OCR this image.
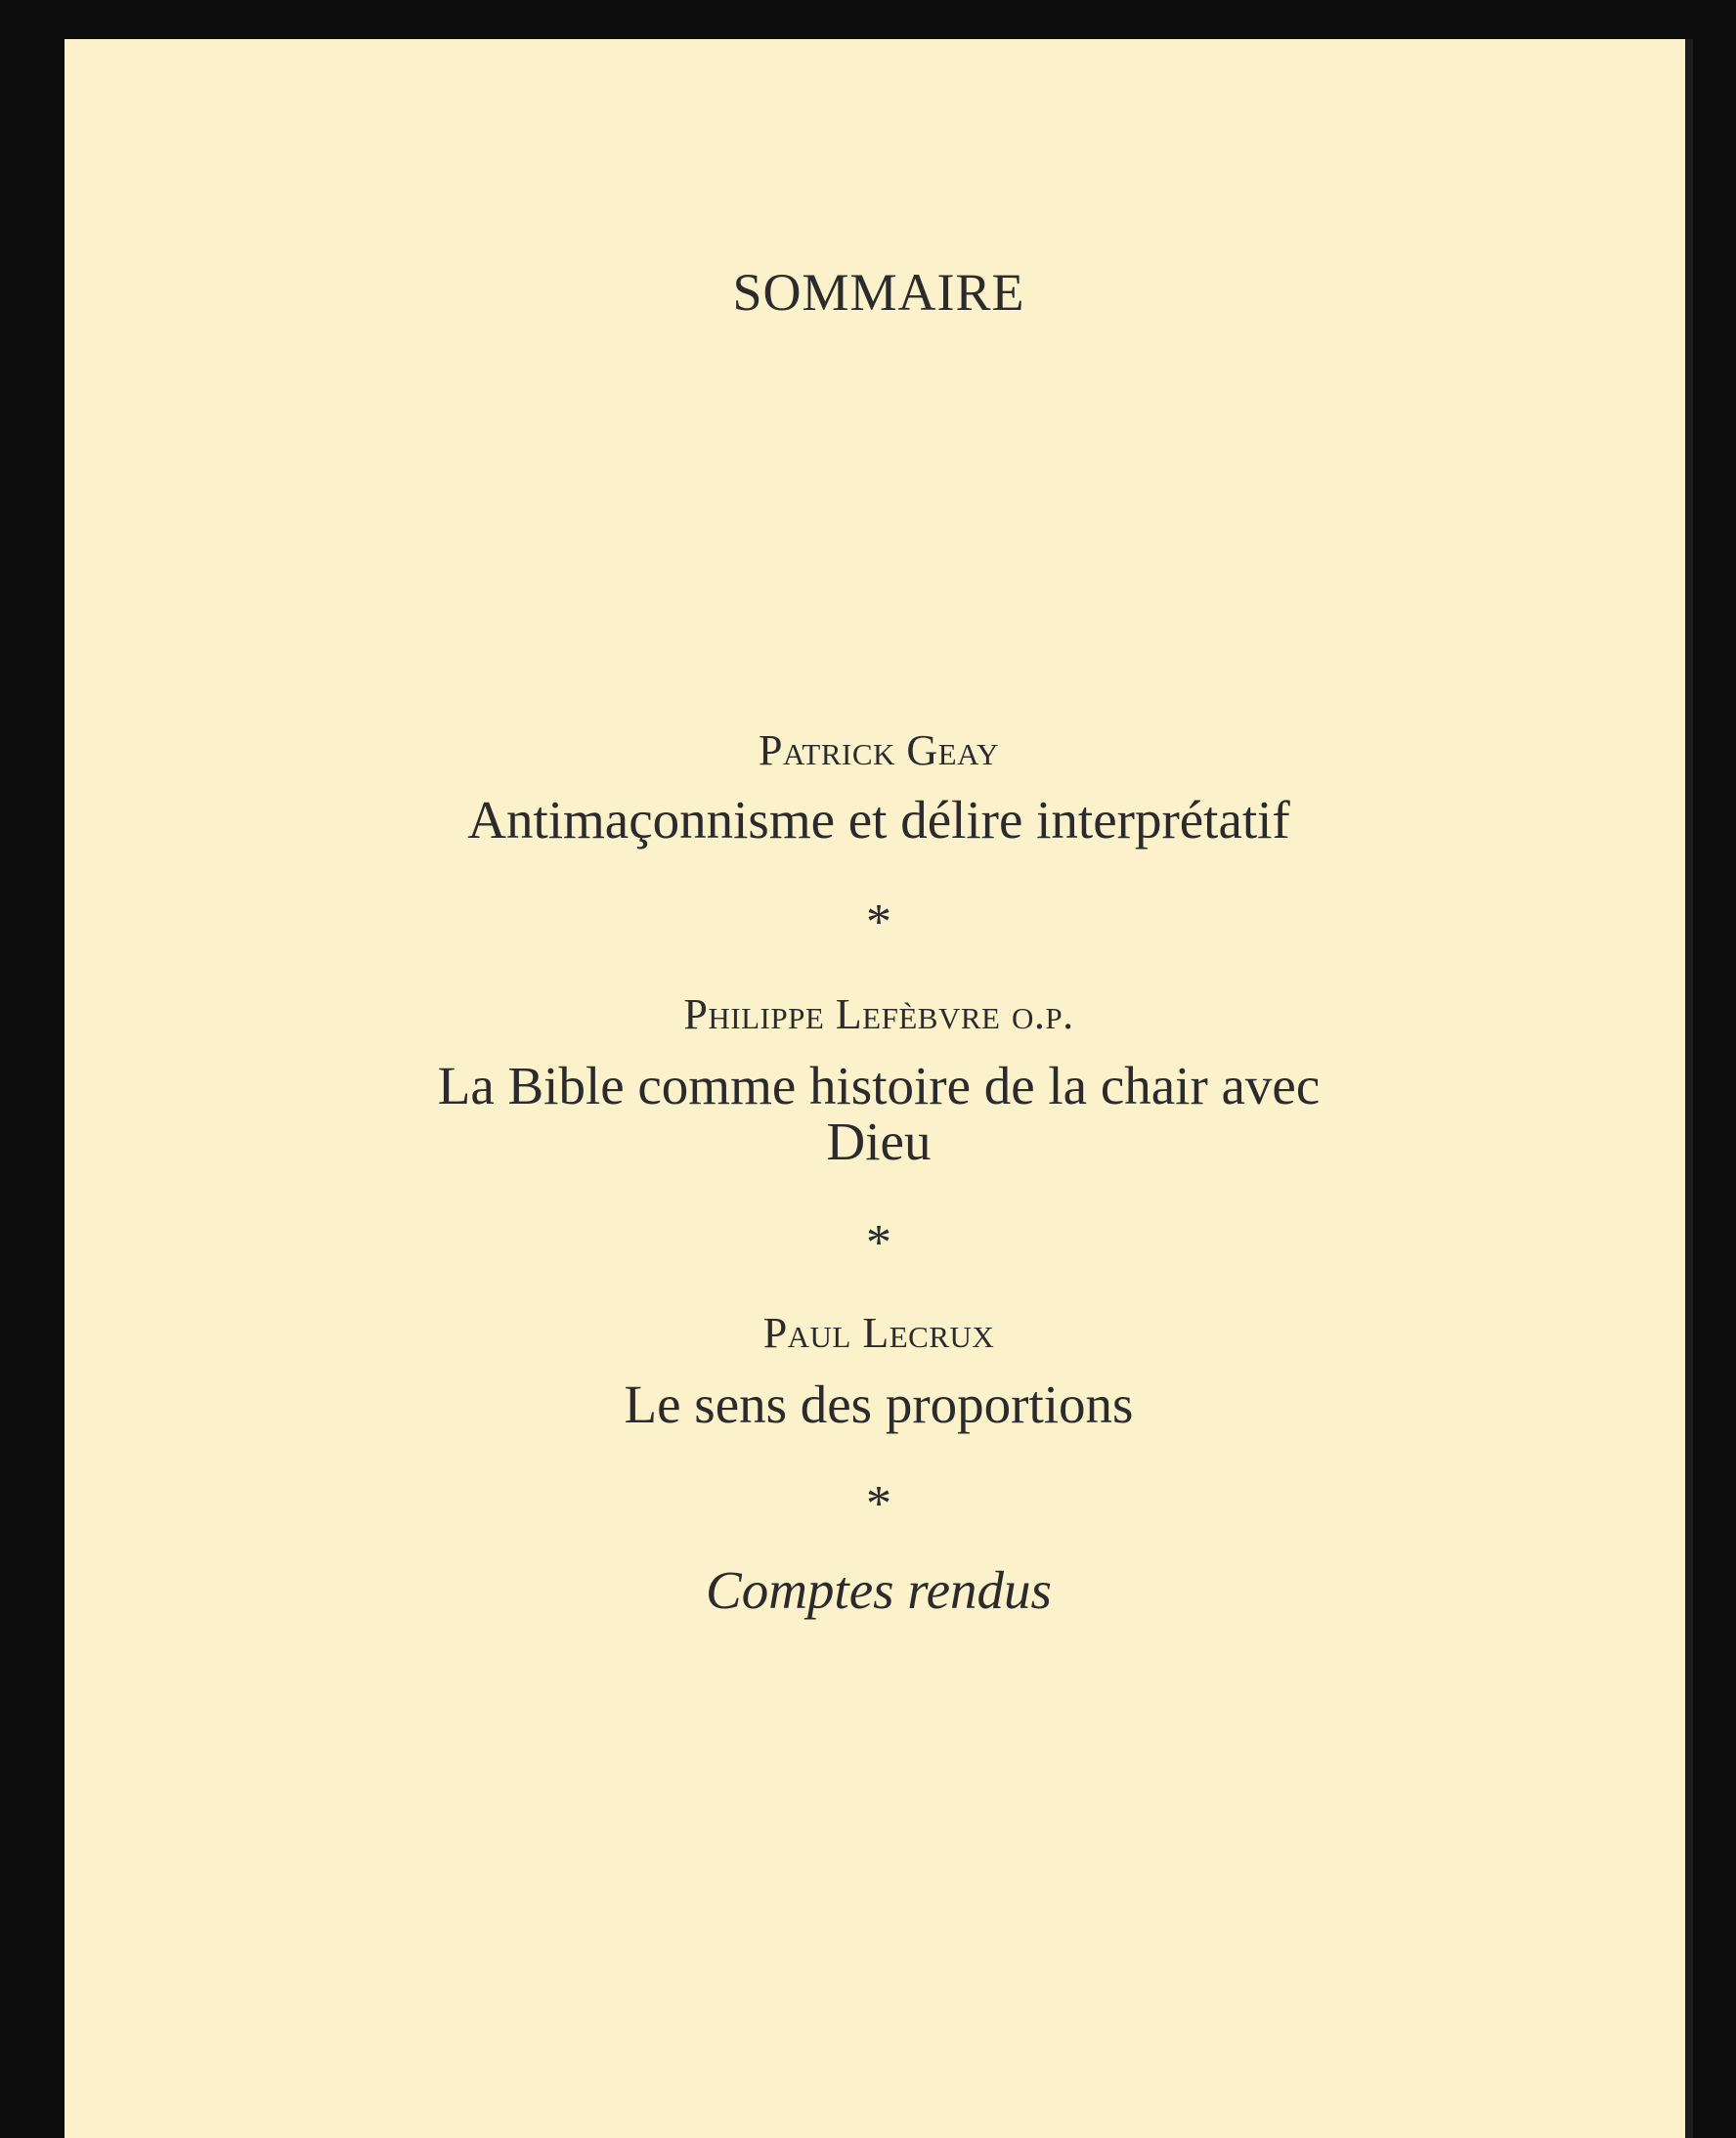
SOMMAIRE
Patrick Geay
Antimaçonnisme et délire interprétatif
*
Philippe Lefèbvre o.p.
La Bible comme histoire de la chair avec
Dieu
*
Paul Lecrux
Le sens des proportions
*
Comptes rendus
